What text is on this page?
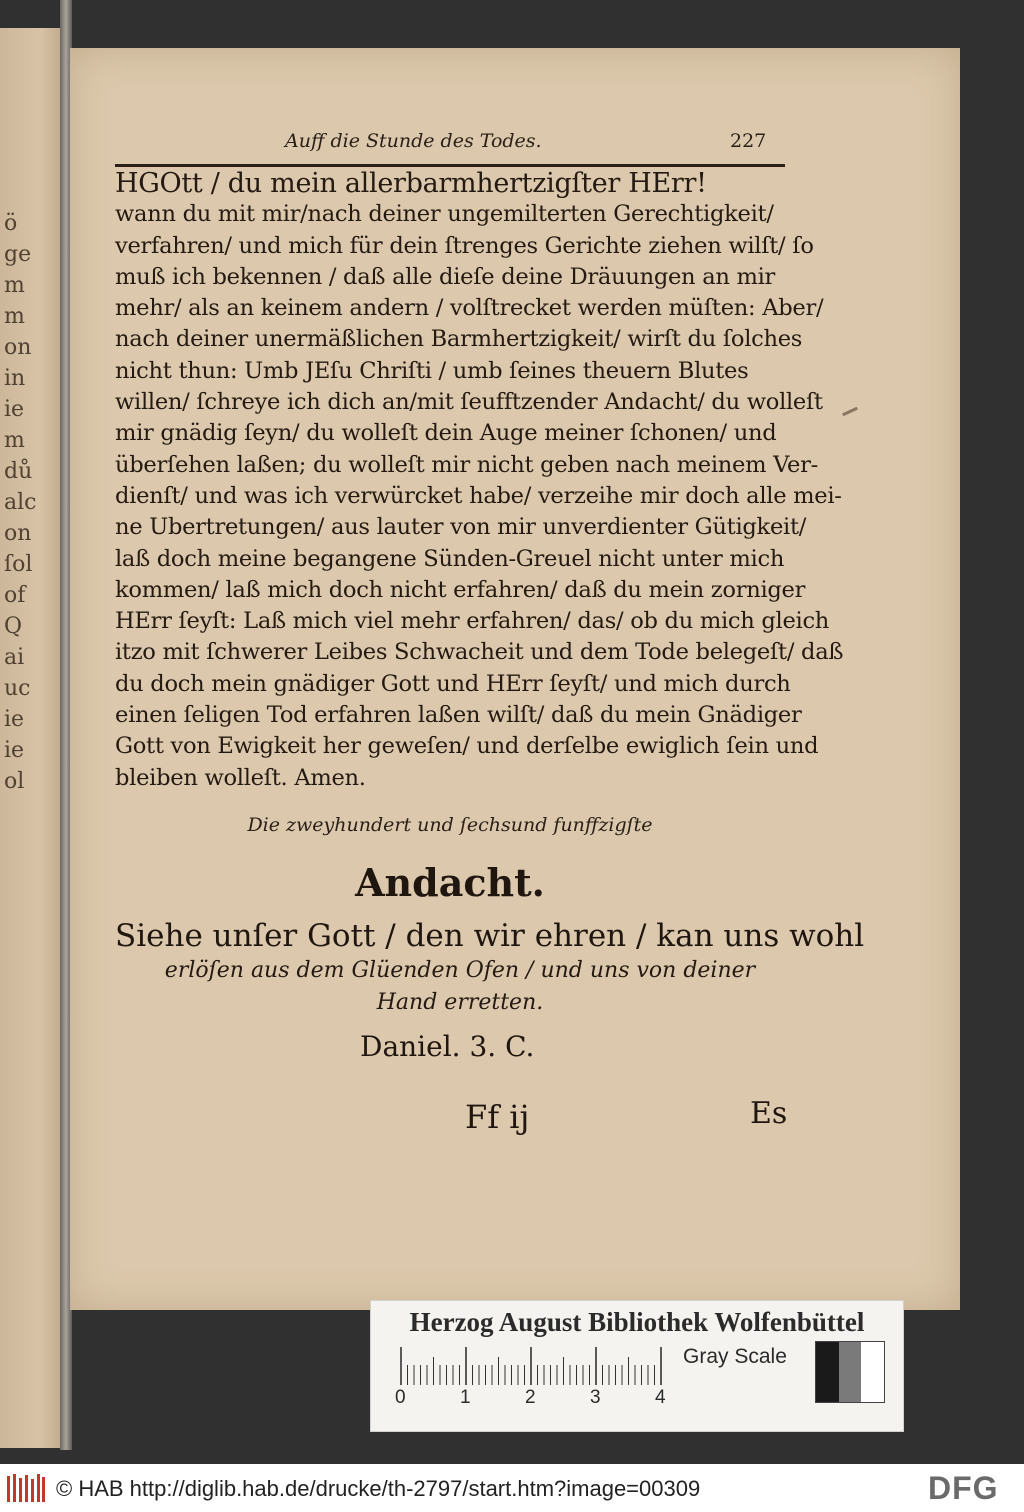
ö
ge
m
m
on
in
ie
m
dů
alc
on
ſol
of
Q
ai
uc
ie
ie
ol
Auff die Stunde des Todes.	227
HGOtt / du mein allerbarmhertzigſter HErr!
wann du mit mir/nach deiner ungemilterten Gerechtigkeit/
verfahren/ und mich für dein ſtrenges Gerichte ziehen wilſt/ ſo
muß ich bekennen / daß alle dieſe deine Dräuungen an mir
mehr/ als an keinem andern / volſtrecket werden müſten: Aber/
nach deiner unermäßlichen Barmhertzigkeit/ wirſt du ſolches
nicht thun: Umb JEſu Chriſti / umb ſeines theuern Blutes
willen/ ſchreye ich dich an/mit ſeufftzender Andacht/ du wolleſt
mir gnädig ſeyn/ du wolleſt dein Auge meiner ſchonen/ und
überſehen laßen; du wolleſt mir nicht geben nach meinem Ver-
dienſt/ und was ich verwürcket habe/ verzeihe mir doch alle mei-
ne Ubertretungen/ aus lauter von mir unverdienter Gütigkeit/
laß doch meine begangene Sünden-Greuel nicht unter mich
kommen/ laß mich doch nicht erfahren/ daß du mein zorniger
HErr ſeyſt: Laß mich viel mehr erfahren/ das/ ob du mich gleich
itzo mit ſchwerer Leibes Schwacheit und dem Tode belegeſt/ daß
du doch mein gnädiger Gott und HErr ſeyſt/ und mich durch
einen ſeligen Tod erfahren laßen wilſt/ daß du mein Gnädiger
Gott von Ewigkeit her geweſen/ und derſelbe ewiglich ſein und
bleiben wolleſt. Amen.
Die zweyhundert und ſechsund funffzigſte
Andacht.
Siehe unſer Gott / den wir ehren / kan uns wohl
erlöſen aus dem Glüenden Ofen / und uns von deiner
Hand erretten.
Daniel. 3. C.
Ff ij	Es
Herzog August Bibliothek Wolfenbüttel
0	1	2	3	4
Gray Scale
© HAB http://diglib.hab.de/drucke/th-2797/start.htm?image=00309	DFG
